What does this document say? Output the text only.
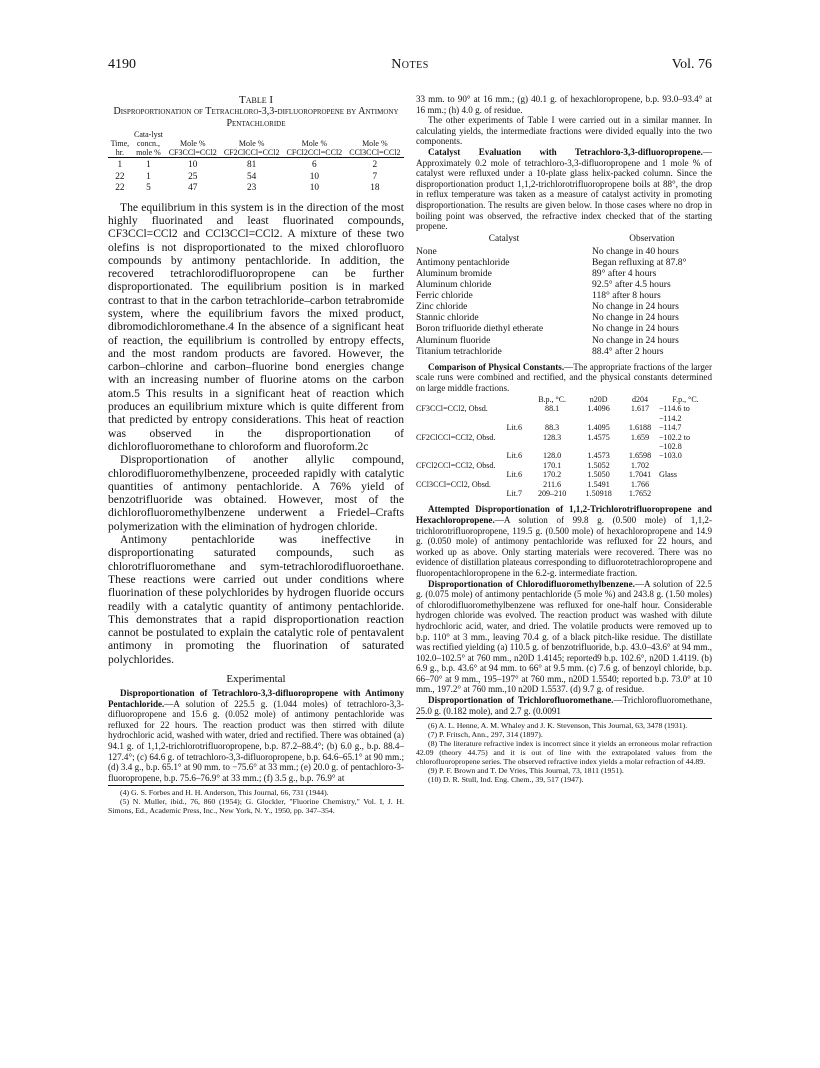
4190	Notes	Vol. 76
Table I
Disproportionation of Tetrachloro-3,3-difluoropropene by Antimony Pentachloride
Time, hr.	Cata-lyst concn., mole %	Mole % CF3CCl=CCl2	Mole % CF2ClCCl=CCl2	Mole % CFCl2CCl=CCl2	Mole % CCl3CCl=CCl2
1	1	10	81	6	2
22	1	25	54	10	7
22	5	47	23	10	18

The equilibrium in this system is in the direction of the most highly fluorinated and least fluorinated compounds, CF3CCl=CCl2 and CCl3CCl=CCl2. A mixture of these two olefins is not disproportionated to the mixed chlorofluoro compounds by antimony pentachloride. In addition, the recovered tetrachlorodifluoropropene can be further disproportionated. The equilibrium position is in marked contrast to that in the carbon tetrachloride–carbon tetrabromide system, where the equilibrium favors the mixed product, dibromodichloromethane.4 In the absence of a significant heat of reaction, the equilibrium is controlled by entropy effects, and the most random products are favored. However, the carbon–chlorine and carbon–fluorine bond energies change with an increasing number of fluorine atoms on the carbon atom.5 This results in a significant heat of reaction which produces an equilibrium mixture which is quite different from that predicted by entropy considerations. This heat of reaction was observed in the disproportionation of dichlorofluoromethane to chloroform and fluoroform.2c

Disproportionation of another allylic compound, chlorodifluoromethylbenzene, proceeded rapidly with catalytic quantities of antimony pentachloride. A 76% yield of benzotrifluoride was obtained. However, most of the dichlorofluoromethylbenzene underwent a Friedel–Crafts polymerization with the elimination of hydrogen chloride.

Antimony pentachloride was ineffective in disproportionating saturated compounds, such as chlorotrifluoromethane and sym-tetrachlorodifluoroethane. These reactions were carried out under conditions where fluorination of these polychlorides by hydrogen fluoride occurs readily with a catalytic quantity of antimony pentachloride. This demonstrates that a rapid disproportionation reaction cannot be postulated to explain the catalytic role of pentavalent antimony in promoting the fluorination of saturated polychlorides.

Experimental

Disproportionation of Tetrachloro-3,3-difluoropropene with Antimony Pentachloride.—A solution of 225.5 g. (1.044 moles) of tetrachloro-3,3-difluoropropene and 15.6 g. (0.052 mole) of antimony pentachloride was refluxed for 22 hours. The reaction product was then stirred with dilute hydrochloric acid, washed with water, dried and rectified. There was obtained (a) 94.1 g. of 1,1,2-trichlorotrifluoropropene, b.p. 87.2–88.4°; (b) 6.0 g., b.p. 88.4–127.4°; (c) 64.6 g. of tetrachloro-3,3-difluoropropene, b.p. 64.6–65.1° at 90 mm.; (d) 3.4 g., b.p. 65.1° at 90 mm. to −75.6° at 33 mm.; (e) 20.0 g. of pentachloro-3-fluoropropene, b.p. 75.6–76.9° at 33 mm.; (f) 3.5 g., b.p. 76.9° at

(4) G. S. Forbes and H. H. Anderson, This Journal, 66, 731 (1944).

(5) N. Muller, ibid., 76, 860 (1954); G. Glockler, "Fluorine Chemistry," Vol. I, J. H. Simons, Ed., Academic Press, Inc., New York, N. Y., 1950, pp. 347–354.

33 mm. to 90° at 16 mm.; (g) 40.1 g. of hexachloropropene, b.p. 93.0–93.4° at 16 mm.; (h) 4.0 g. of residue.

The other experiments of Table I were carried out in a similar manner. In calculating yields, the intermediate fractions were divided equally into the two components.

Catalyst Evaluation with Tetrachloro-3,3-difluoropropene.—Approximately 0.2 mole of tetrachloro-3,3-difluoropropene and 1 mole % of catalyst were refluxed under a 10-plate glass helix-packed column. Since the disproportionation product 1,1,2-trichlorotrifluoropropene boils at 88°, the drop in reflux temperature was taken as a measure of catalyst activity in promoting disproportionation. The results are given below. In those cases where no drop in boiling point was observed, the refractive index checked that of the starting propene.

Catalyst	Observation
None	No change in 40 hours
Antimony pentachloride	Began refluxing at 87.8°
Aluminum bromide	89° after 4 hours
Aluminum chloride	92.5° after 4.5 hours
Ferric chloride	118° after 8 hours
Zinc chloride	No change in 24 hours
Stannic chloride	No change in 24 hours
Boron trifluoride diethyl etherate	No change in 24 hours
Aluminum fluoride	No change in 24 hours
Titanium tetrachloride	88.4° after 2 hours

Comparison of Physical Constants.—The appropriate fractions of the larger scale runs were combined and rectified, and the physical constants determined on large middle fractions.

	B.p., °C.	n20D	d204	F.p., °C.
CF3CCl=CCl2, Obsd.	88.1	1.4096	1.617	−114.6 to
				−114.2
Lit.6	88.3	1.4095	1.6188	−114.7
CF2ClCCl=CCl2, Obsd.	128.3	1.4575	1.659	−102.2 to
				−102.8
Lit.6	128.0	1.4573	1.6598	−103.0
CFCl2CCl=CCl2, Obsd.	170.1	1.5052	1.702	
Lit.6	170.2	1.5050	1.7041	Glass
CCl3CCl=CCl2, Obsd.	211.6	1.5491	1.766	
Lit.7	209–210	1.50918	1.7652	

Attempted Disproportionation of 1,1,2-Trichlorotrifluoropropene and Hexachloropropene.—A solution of 99.8 g. (0.500 mole) of 1,1,2-trichlorotrifluoropropene, 119.5 g. (0.500 mole) of hexachloropropene and 14.9 g. (0.050 mole) of antimony pentachloride was refluxed for 22 hours, and worked up as above. Only starting materials were recovered. There was no evidence of distillation plateaus corresponding to difluorotetrachloropropene and fluoropentachloropropene in the 6.2-g. intermediate fraction.

Disproportionation of Chlorodifluoromethylbenzene.—A solution of 22.5 g. (0.075 mole) of antimony pentachloride (5 mole %) and 243.8 g. (1.50 moles) of chlorodifluoromethylbenzene was refluxed for one-half hour. Considerable hydrogen chloride was evolved. The reaction product was washed with dilute hydrochloric acid, water, and dried. The volatile products were removed up to b.p. 110° at 3 mm., leaving 70.4 g. of a black pitch-like residue. The distillate was rectified yielding (a) 110.5 g. of benzotrifluoride, b.p. 43.0–43.6° at 94 mm., 102.0–102.5° at 760 mm., n20D 1.4145; reported9 b.p. 102.6°, n20D 1.4119. (b) 6.9 g., b.p. 43.6° at 94 mm. to 66° at 9.5 mm. (c) 7.6 g. of benzoyl chloride, b.p. 66–70° at 9 mm., 195–197° at 760 mm., n20D 1.5540; reported b.p. 73.0° at 10 mm., 197.2° at 760 mm.,10 n20D 1.5537. (d) 9.7 g. of residue.

Disproportionation of Trichlorofluoromethane.—Trichlorofluoromethane, 25.0 g. (0.182 mole), and 2.7 g. (0.0091

(6) A. L. Henne, A. M. Whaley and J. K. Stevenson, This Journal, 63, 3478 (1931).

(7) P. Fritsch, Ann., 297, 314 (1897).

(8) The literature refractive index is incorrect since it yields an erroneous molar refraction 42.09 (theory 44.75) and it is out of line with the extrapolated values from the chlorofluoropropene series. The observed refractive index yields a molar refraction of 44.89.

(9) P. F. Brown and T. De Vries, This Journal, 73, 1811 (1951).

(10) D. R. Stull, Ind. Eng. Chem., 39, 517 (1947).
